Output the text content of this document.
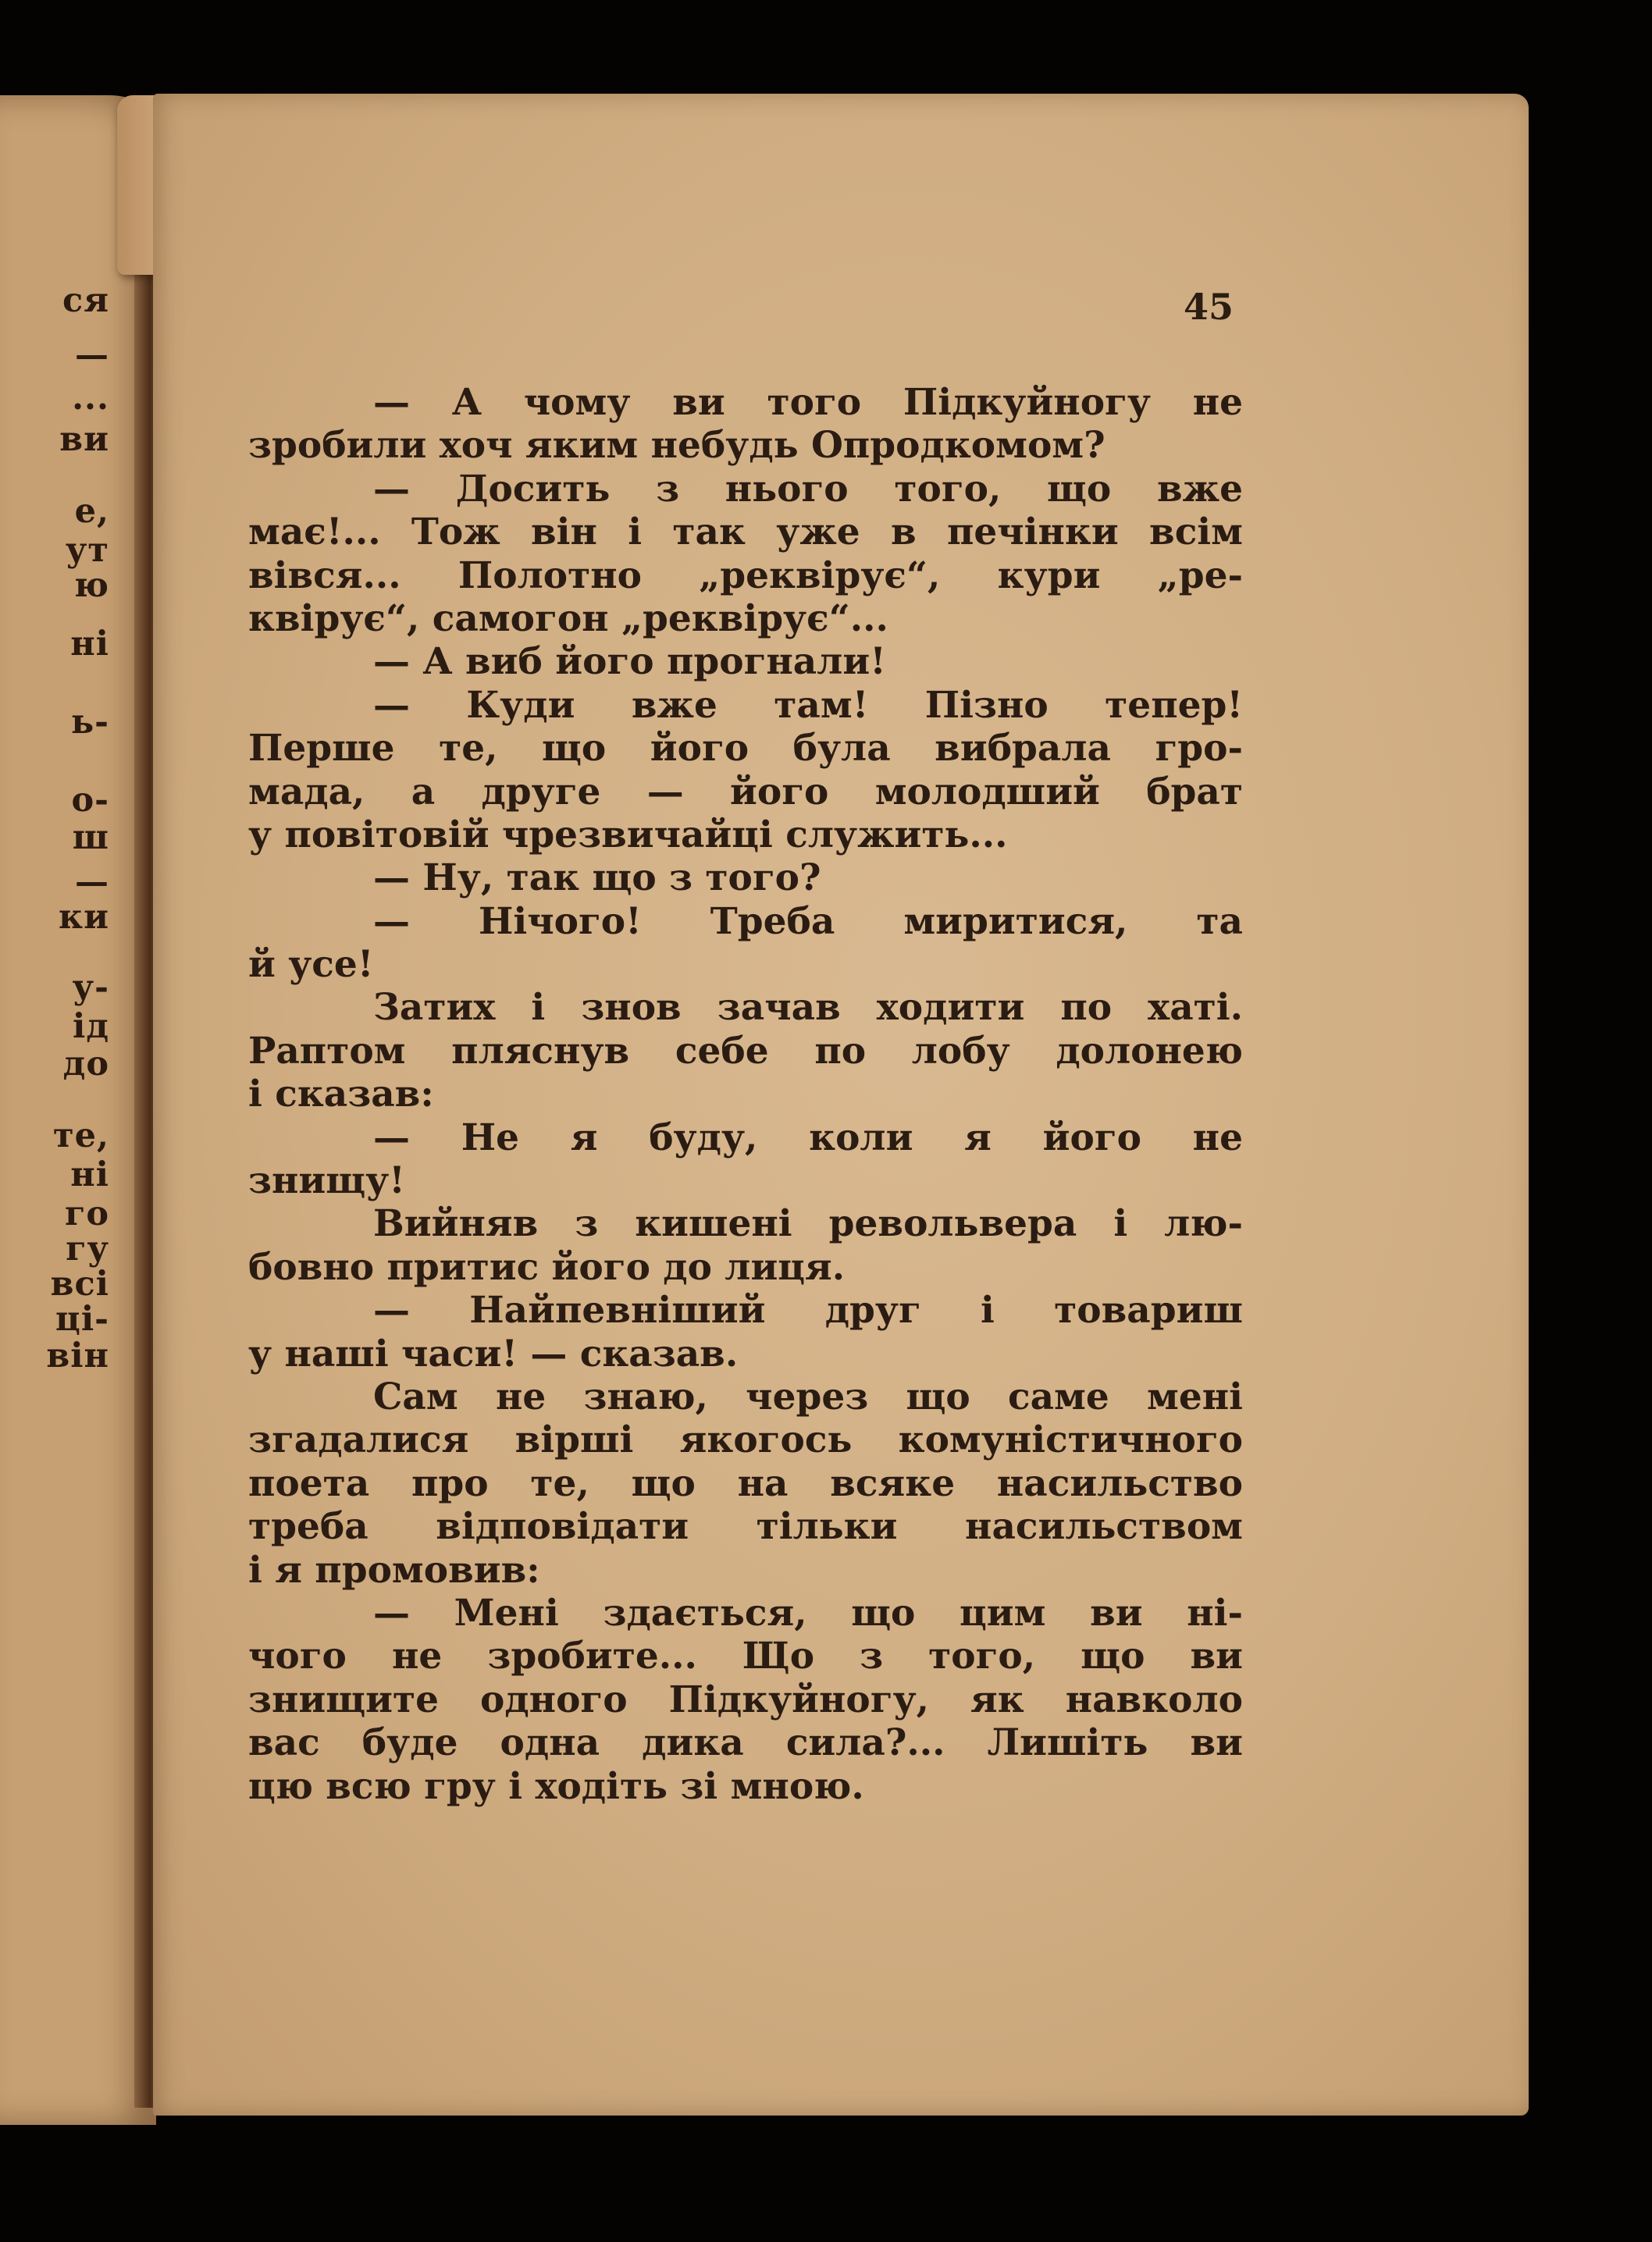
ся
—
...
ви
е,
ут
ю
ні
ь-
о-
ш
—
ки
у-
ід
до
те,
ні
го
гу
всі
ці-
він
45
— А чому ви того Підкуйногу не
зробили хоч яким небудь Опродкомом?
— Досить з нього того, що вже
має!... Тож він і так уже в печінки всім
вівся... Полотно „реквірує“, кури „ре-
квірує“, самогон „реквірує“...
— А виб його прогнали!
— Куди вже там! Пізно тепер!
Перше те, що його була вибрала гро-
мада, а друге — його молодший брат
у повітовій чрезвичайці служить...
— Ну, так що з того?
— Нічого! Треба миритися, та
й усе!
Затих і знов зачав ходити по хаті.
Раптом пляснув себе по лобу долонею
і сказав:
— Не я буду, коли я його не
знищу!
Вийняв з кишені револьвера і лю-
бовно притис його до лиця.
— Найпевніший друг і товариш
у наші часи! — сказав.
Сам не знаю, через що саме мені
згадалися вірші якогось комуністичного
поета про те, що на всяке насильство
треба відповідати тільки насильством
і я промовив:
— Мені здається, що цим ви ні-
чого не зробите... Що з того, що ви
знищите одного Підкуйногу, як навколо
вас буде одна дика сила?... Лишіть ви
цю всю гру і ходіть зі мною.
